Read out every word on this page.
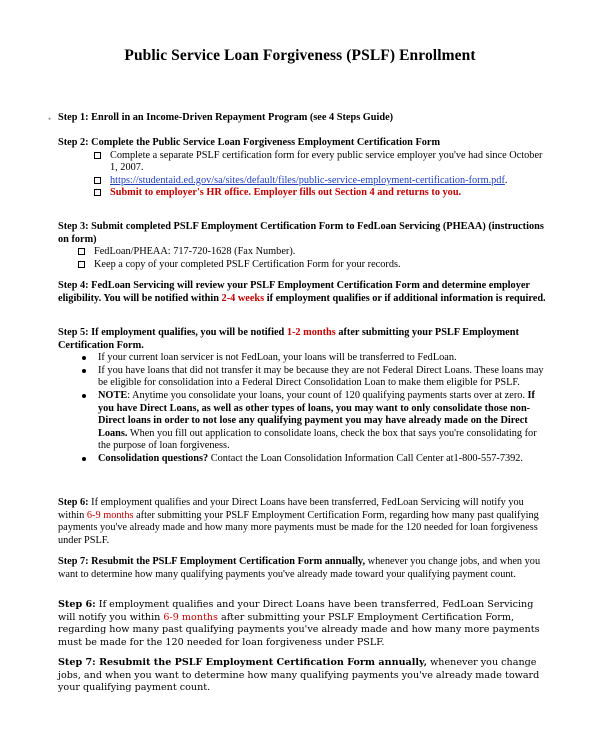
Public Service Loan Forgiveness (PSLF) Enrollment
• Step 1: Enroll in an Income-Driven Repayment Program (see 4 Steps Guide)

Step 2: Complete the Public Service Loan Forgiveness Employment Certification Form

Complete a separate PSLF certification form for every public service employer you've had since October 1, 2007.
https://studentaid.ed.gov/sa/sites/default/files/public-service-employment-certification-form.pdf.
Submit to employer's HR office. Employer fills out Section 4 and returns to you.

Step 3: Submit completed PSLF Employment Certification Form to FedLoan Servicing (PHEAA) (instructions on form)

FedLoan/PHEAA: 717-720-1628 (Fax Number).
Keep a copy of your completed PSLF Certification Form for your records.
Step 4: FedLoan Servicing will review your PSLF Employment Certification Form and determine employer eligibility. You will be notified within 2-4 weeks if employment qualifies or if additional information is required.

Step 5: If employment qualifies, you will be notified 1-2 months after submitting your PSLF Employment Certification Form.

If your current loan servicer is not FedLoan, your loans will be transferred to FedLoan.
If you have loans that did not transfer it may be because they are not Federal Direct Loans. These loans may be eligible for consolidation into a Federal Direct Consolidation Loan to make them eligible for PSLF.
NOTE: Anytime you consolidate your loans, your count of 120 qualifying payments starts over at zero. If you have Direct Loans, as well as other types of loans, you may want to only consolidate those non-Direct loans in order to not lose any qualifying payment you may have already made on the Direct Loans. When you fill out application to consolidate loans, check the box that says you're consolidating for the purpose of loan forgiveness.
Consolidation questions? Contact the Loan Consolidation Information Call Center at1-800-557-7392.
Step 6: If employment qualifies and your Direct Loans have been transferred, FedLoan Servicing will notify you within 6-9 months after submitting your PSLF Employment Certification Form, regarding how many past qualifying payments you've already made and how many more payments must be made for the 120 needed for loan forgiveness under PSLF.
Step 7: Resubmit the PSLF Employment Certification Form annually, whenever you change jobs, and when you want to determine how many qualifying payments you've already made toward your qualifying payment count.
Step 6: If employment qualifies and your Direct Loans have been transferred, FedLoan Servicing will notify you within 6-9 months after submitting your PSLF Employment Certification Form, regarding how many past qualifying payments you've already made and how many more payments must be made for the 120 needed for loan forgiveness under PSLF.
Step 7: Resubmit the PSLF Employment Certification Form annually, whenever you change jobs, and when you want to determine how many qualifying payments you've already made toward your qualifying payment count.
